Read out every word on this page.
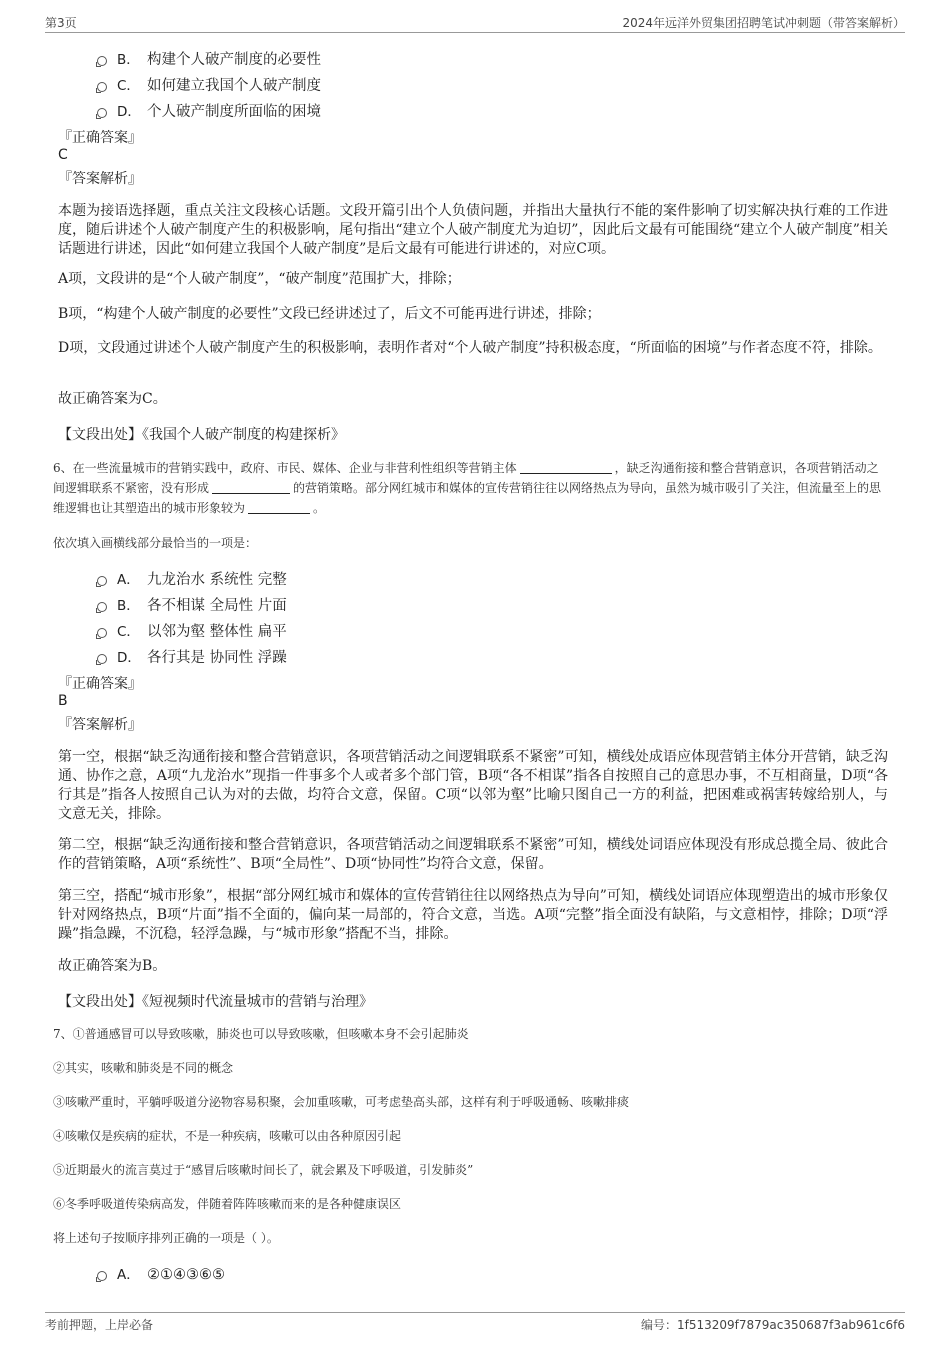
第3页	2024年远洋外贸集团招聘笔试冲刺题（带答案解析）
B． 构建个人破产制度的必要性
C． 如何建立我国个人破产制度
D． 个人破产制度所面临的困境
『正确答案』
C
『答案解析』
本题为接语选择题，重点关注文段核心话题。文段开篇引出个人负债问题，并指出大量执行不能的案件影响了切实解决执行难的工作进度，随后讲述个人破产制度产生的积极影响，尾句指出“建立个人破产制度尤为迫切”，因此后文最有可能围绕“建立个人破产制度”相关话题进行讲述，因此“如何建立我国个人破产制度”是后文最有可能进行讲述的，对应C项。
A项，文段讲的是“个人破产制度”，“破产制度”范围扩大，排除；
B项，“构建个人破产制度的必要性”文段已经讲述过了，后文不可能再进行讲述，排除；
D项，文段通过讲述个人破产制度产生的积极影响，表明作者对“个人破产制度”持积极态度，“所面临的困境”与作者态度不符，排除。
故正确答案为C。
【文段出处】《我国个人破产制度的构建探析》
6、在一些流量城市的营销实践中，政府、市民、媒体、企业与非营利性组织等营销主体	，缺乏沟通衔接和整合营销意识，各项营销活动之间逻辑联系不紧密，没有形成	的营销策略。部分网红城市和媒体的宣传营销往往以网络热点为导向，虽然为城市吸引了关注，但流量至上的思维逻辑也让其塑造出的城市形象较为	。
依次填入画横线部分最恰当的一项是：
A． 九龙治水 系统性 完整
B． 各不相谋 全局性 片面
C． 以邻为壑 整体性 扁平
D． 各行其是 协同性 浮躁
『正确答案』
B
『答案解析』
第一空，根据“缺乏沟通衔接和整合营销意识，各项营销活动之间逻辑联系不紧密”可知，横线处成语应体现营销主体分开营销，缺乏沟通、协作之意，A项“九龙治水”现指一件事多个人或者多个部门管，B项“各不相谋”指各自按照自己的意思办事，不互相商量，D项“各行其是”指各人按照自己认为对的去做，均符合文意，保留。C项“以邻为壑”比喻只图自己一方的利益，把困难或祸害转嫁给别人，与文意无关，排除。
第二空，根据“缺乏沟通衔接和整合营销意识，各项营销活动之间逻辑联系不紧密”可知，横线处词语应体现没有形成总揽全局、彼此合作的营销策略，A项“系统性”、B项“全局性”、D项“协同性”均符合文意，保留。
第三空，搭配“城市形象”，根据“部分网红城市和媒体的宣传营销往往以网络热点为导向”可知，横线处词语应体现塑造出的城市形象仅针对网络热点，B项“片面”指不全面的，偏向某一局部的，符合文意，当选。A项“完整”指全面没有缺陷，与文意相悖，排除；D项“浮躁”指急躁，不沉稳，轻浮急躁，与“城市形象”搭配不当，排除。
故正确答案为B。
【文段出处】《短视频时代流量城市的营销与治理》
7、①普通感冒可以导致咳嗽，肺炎也可以导致咳嗽，但咳嗽本身不会引起肺炎
②其实，咳嗽和肺炎是不同的概念
③咳嗽严重时，平躺呼吸道分泌物容易积聚，会加重咳嗽，可考虑垫高头部，这样有利于呼吸通畅、咳嗽排痰
④咳嗽仅是疾病的症状，不是一种疾病，咳嗽可以由各种原因引起
⑤近期最火的流言莫过于“感冒后咳嗽时间长了，就会累及下呼吸道，引发肺炎”
⑥冬季呼吸道传染病高发，伴随着阵阵咳嗽而来的是各种健康误区
将上述句子按顺序排列正确的一项是（ ）。
A． ②①④③⑥⑤
考前押题，上岸必备	编号：1f513209f7879ac350687f3ab961c6f6
